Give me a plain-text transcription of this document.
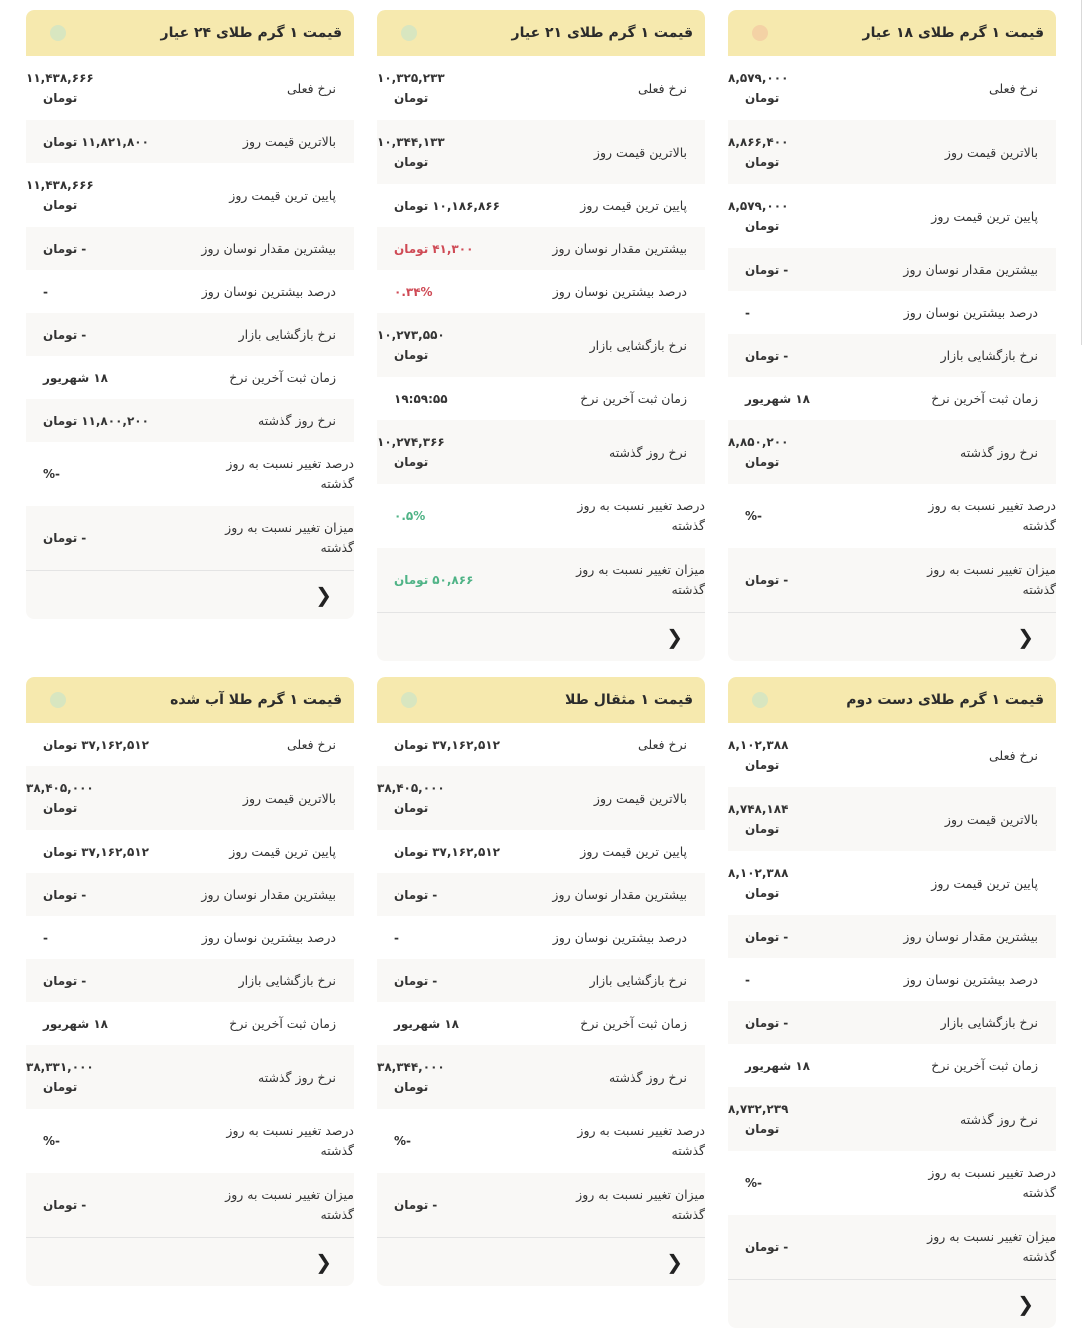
قیمت ۱ گرم طلای ۱۸ عیار
نرخ فعلی
۸,۵۷۹,۰۰۰
تومان
بالاترین قیمت روز
۸,۸۶۶,۴۰۰
تومان
پایین ترین قیمت روز
۸,۵۷۹,۰۰۰
تومان
بیشترین مقدار نوسان روز
-تومان
درصد بیشترین نوسان روز
-
نرخ بازگشایی بازار
-تومان
زمان ثبت آخرین نرخ
۱۸ شهریور
نرخ روز گذشته
۸,۸۵۰,۲۰۰
تومان
درصد تغییر نسبت به روز گذشته
%-
میزان تغییر نسبت به روز گذشته
-تومان
❮
قیمت ۱ گرم طلای ۲۱ عیار
نرخ فعلی
۱۰,۳۲۵,۲۳۳
تومان
بالاترین قیمت روز
۱۰,۳۴۴,۱۳۳
تومان
پایین ترین قیمت روز
۱۰,۱۸۶,۸۶۶تومان
بیشترین مقدار نوسان روز
۴۱,۳۰۰تومان
درصد بیشترین نوسان روز
۰.۳۴%
نرخ بازگشایی بازار
۱۰,۲۷۳,۵۵۰
تومان
زمان ثبت آخرین نرخ
۱۹:۵۹:۵۵
نرخ روز گذشته
۱۰,۲۷۴,۳۶۶
تومان
درصد تغییر نسبت به روز گذشته
۰.۵%
میزان تغییر نسبت به روز گذشته
۵۰,۸۶۶تومان
❮
قیمت ۱ گرم طلای ۲۴ عیار
نرخ فعلی
۱۱,۴۳۸,۶۶۶
تومان
بالاترین قیمت روز
۱۱,۸۲۱,۸۰۰تومان
پایین ترین قیمت روز
۱۱,۴۳۸,۶۶۶
تومان
بیشترین مقدار نوسان روز
-تومان
درصد بیشترین نوسان روز
-
نرخ بازگشایی بازار
-تومان
زمان ثبت آخرین نرخ
۱۸ شهریور
نرخ روز گذشته
۱۱,۸۰۰,۲۰۰تومان
درصد تغییر نسبت به روز گذشته
%-
میزان تغییر نسبت به روز گذشته
-تومان
❮
قیمت ۱ گرم طلای دست دوم
نرخ فعلی
۸,۱۰۲,۳۸۸
تومان
بالاترین قیمت روز
۸,۷۴۸,۱۸۴
تومان
پایین ترین قیمت روز
۸,۱۰۲,۳۸۸
تومان
بیشترین مقدار نوسان روز
-تومان
درصد بیشترین نوسان روز
-
نرخ بازگشایی بازار
-تومان
زمان ثبت آخرین نرخ
۱۸ شهریور
نرخ روز گذشته
۸,۷۳۲,۲۳۹
تومان
درصد تغییر نسبت به روز گذشته
%-
میزان تغییر نسبت به روز گذشته
-تومان
❮
قیمت ۱ مثقال طلا
نرخ فعلی
۳۷,۱۶۲,۵۱۲تومان
بالاترین قیمت روز
۳۸,۴۰۵,۰۰۰
تومان
پایین ترین قیمت روز
۳۷,۱۶۲,۵۱۲تومان
بیشترین مقدار نوسان روز
-تومان
درصد بیشترین نوسان روز
-
نرخ بازگشایی بازار
-تومان
زمان ثبت آخرین نرخ
۱۸ شهریور
نرخ روز گذشته
۳۸,۳۴۴,۰۰۰
تومان
درصد تغییر نسبت به روز گذشته
%-
میزان تغییر نسبت به روز گذشته
-تومان
❮
قیمت ۱ گرم طلا آب شده
نرخ فعلی
۳۷,۱۶۲,۵۱۲تومان
بالاترین قیمت روز
۳۸,۴۰۵,۰۰۰
تومان
پایین ترین قیمت روز
۳۷,۱۶۲,۵۱۲تومان
بیشترین مقدار نوسان روز
-تومان
درصد بیشترین نوسان روز
-
نرخ بازگشایی بازار
-تومان
زمان ثبت آخرین نرخ
۱۸ شهریور
نرخ روز گذشته
۳۸,۳۳۱,۰۰۰
تومان
درصد تغییر نسبت به روز گذشته
%-
میزان تغییر نسبت به روز گذشته
-تومان
❮
